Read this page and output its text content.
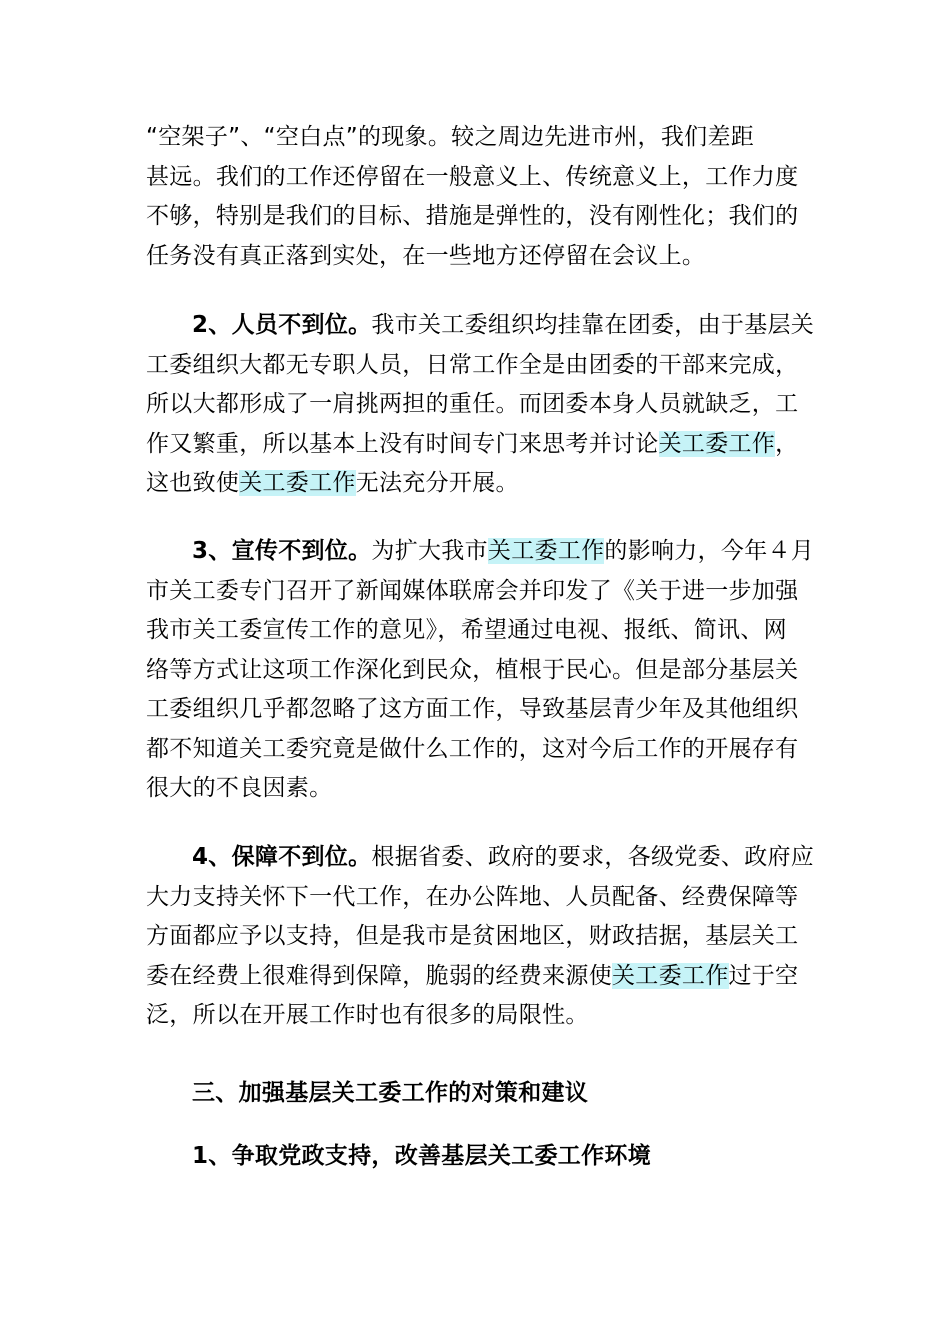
“空架子”、“空白点”的现象。较之周边先进市州，我们差距
甚远。我们的工作还停留在一般意义上、传统意义上，工作力度
不够，特别是我们的目标、措施是弹性的，没有刚性化；我们的
任务没有真正落到实处，在一些地方还停留在会议上。
2、人员不到位。我市关工委组织均挂靠在团委，由于基层关
工委组织大都无专职人员，日常工作全是由团委的干部来完成，
所以大都形成了一肩挑两担的重任。而团委本身人员就缺乏，工
作又繁重，所以基本上没有时间专门来思考并讨论关工委工作，
这也致使关工委工作无法充分开展。
3、宣传不到位。为扩大我市关工委工作的影响力，今年４月
市关工委专门召开了新闻媒体联席会并印发了《关于进一步加强
我市关工委宣传工作的意见》，希望通过电视、报纸、简讯、网
络等方式让这项工作深化到民众，植根于民心。但是部分基层关
工委组织几乎都忽略了这方面工作，导致基层青少年及其他组织
都不知道关工委究竟是做什么工作的，这对今后工作的开展存有
很大的不良因素。
4、保障不到位。根据省委、政府的要求，各级党委、政府应
大力支持关怀下一代工作，在办公阵地、人员配备、经费保障等
方面都应予以支持，但是我市是贫困地区，财政拮据，基层关工
委在经费上很难得到保障，脆弱的经费来源使关工委工作过于空
泛，所以在开展工作时也有很多的局限性。
三、加强基层关工委工作的对策和建议
1、争取党政支持，改善基层关工委工作环境
